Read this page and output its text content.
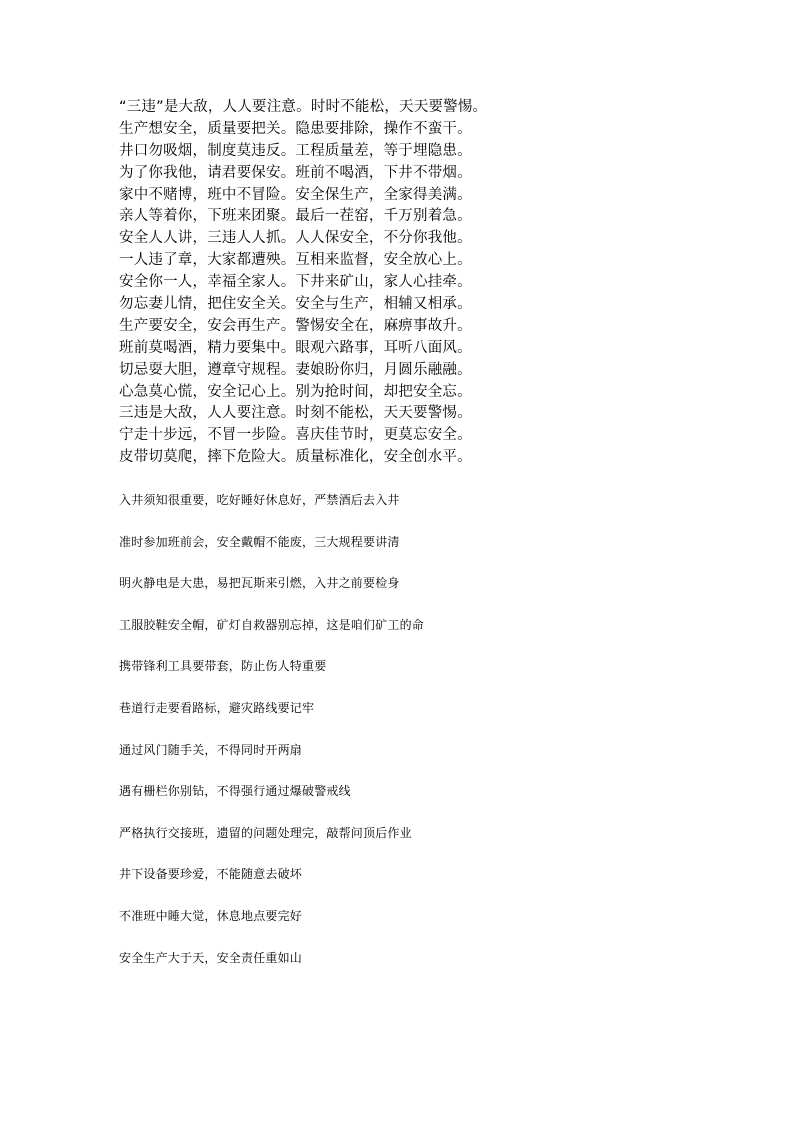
“三违”是大敌，人人要注意。时时不能松，天天要警惕。
生产想安全，质量要把关。隐患要排除，操作不蛮干。
井口勿吸烟，制度莫违反。工程质量差，等于埋隐患。
为了你我他，请君要保安。班前不喝酒，下井不带烟。
家中不赌博，班中不冒险。安全保生产，全家得美满。
亲人等着你，下班来团聚。最后一茬窑，千万别着急。
安全人人讲，三违人人抓。人人保安全，不分你我他。
一人违了章，大家都遭殃。互相来监督，安全放心上。
安全你一人，幸福全家人。下井来矿山，家人心挂牵。
勿忘妻儿情，把住安全关。安全与生产，相辅又相承。
生产要安全，安会再生产。警惕安全在，麻痹事故升。
班前莫喝酒，精力要集中。眼观六路事，耳听八面风。
切忌耍大胆，遵章守规程。妻娘盼你归，月圆乐融融。
心急莫心慌，安全记心上。别为抢时间，却把安全忘。
三违是大敌，人人要注意。时刻不能松，天天要警惕。
宁走十步远，不冒一步险。喜庆佳节时，更莫忘安全。
皮带切莫爬，摔下危险大。质量标准化，安全创水平。
入井须知很重要，吃好睡好休息好，严禁酒后去入井
准时参加班前会，安全戴帽不能废，三大规程要讲清
明火静电是大患，易把瓦斯来引燃，入井之前要检身
工服胶鞋安全帽，矿灯自救器别忘掉，这是咱们矿工的命
携带锋利工具要带套，防止伤人特重要
巷道行走要看路标，避灾路线要记牢
通过风门随手关，不得同时开两扇
遇有栅栏你别钻，不得强行通过爆破警戒线
严格执行交接班，遗留的问题处理完，敲帮问顶后作业
井下设备要珍爱，不能随意去破坏
不准班中睡大觉，休息地点要完好
安全生产大于天，安全责任重如山
